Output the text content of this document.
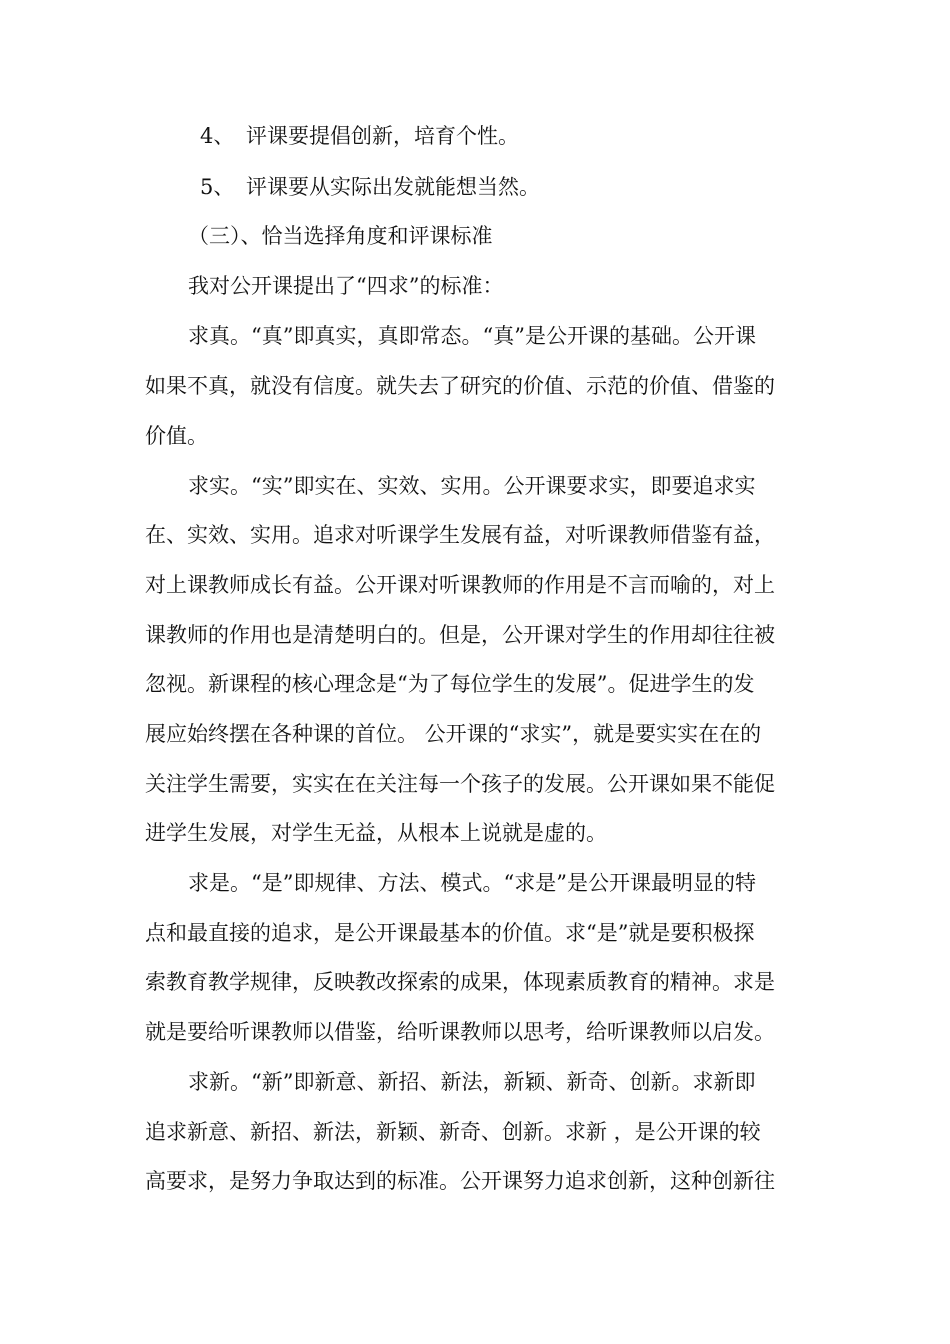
4、 评课要提倡创新，培育个性。
5、 评课要从实际出发就能想当然。
（三）、恰当选择角度和评课标准
我对公开课提出了“四求”的标准：
求真。“真”即真实，真即常态。“真”是公开课的基础。公开课
如果不真，就没有信度。就失去了研究的价值、示范的价值、借鉴的
价值。
求实。“实”即实在、实效、实用。公开课要求实，即要追求实
在、实效、实用。追求对听课学生发展有益，对听课教师借鉴有益，
对上课教师成长有益。公开课对听课教师的作用是不言而喻的，对上
课教师的作用也是清楚明白的。但是，公开课对学生的作用却往往被
忽视。新课程的核心理念是“为了每位学生的发展”。促进学生的发
展应始终摆在各种课的首位。 公开课的“求实”，就是要实实在在的
关注学生需要，实实在在关注每一个孩子的发展。公开课如果不能促
进学生发展，对学生无益，从根本上说就是虚的。
求是。“是”即规律、方法、模式。“求是”是公开课最明显的特
点和最直接的追求，是公开课最基本的价值。求“是”就是要积极探
索教育教学规律，反映教改探索的成果，体现素质教育的精神。求是
就是要给听课教师以借鉴，给听课教师以思考，给听课教师以启发。
求新。“新”即新意、新招、新法，新颖、新奇、创新。求新即
追求新意、新招、新法，新颖、新奇、创新。求新 ，是公开课的较
高要求，是努力争取达到的标准。公开课努力追求创新，这种创新往
